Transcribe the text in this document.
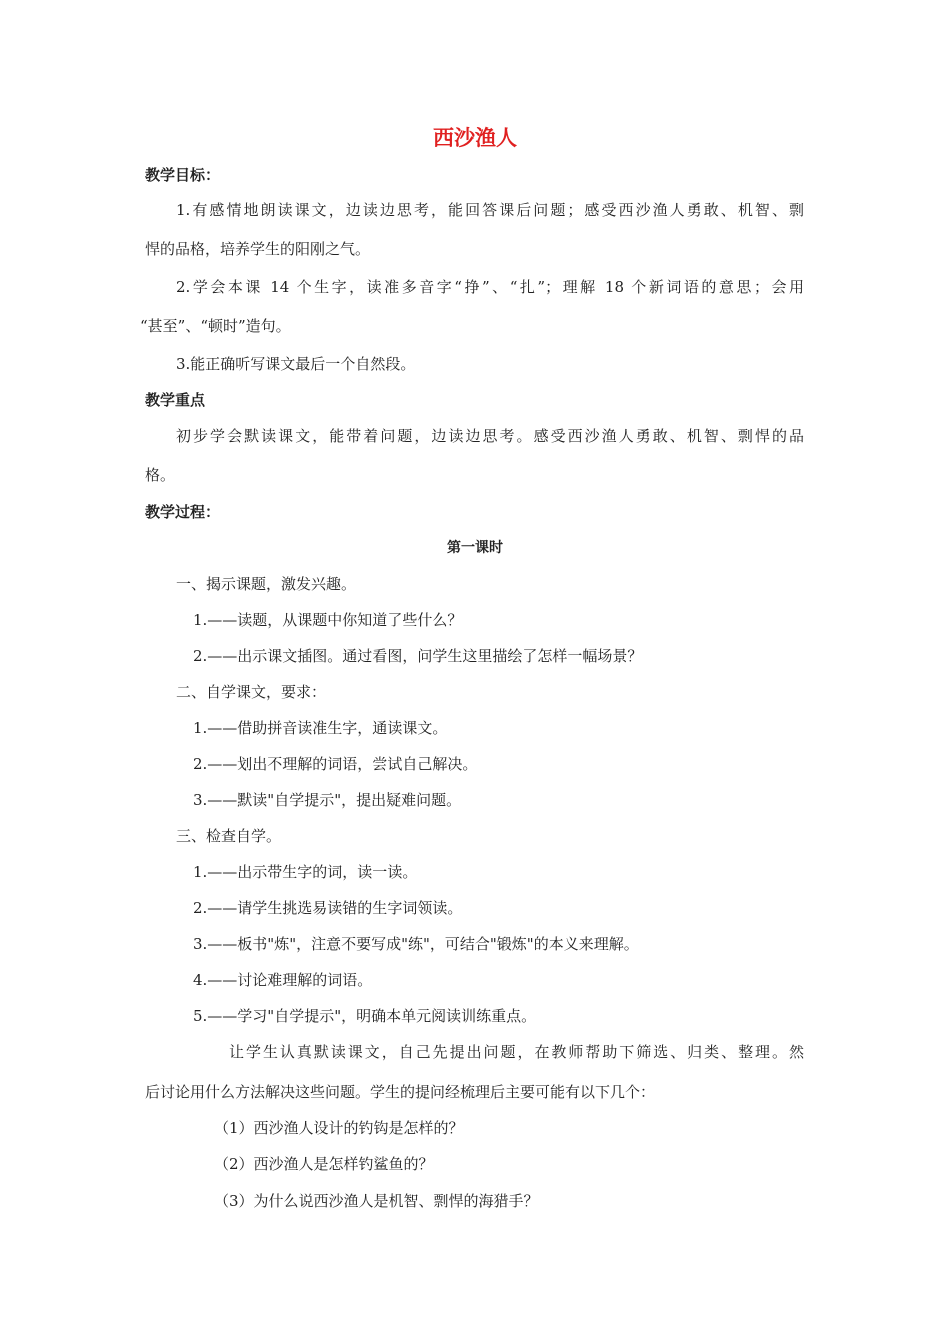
西沙渔人
教学目标：
1.有感情地朗读课文，边读边思考，能回答课后问题；感受西沙渔人勇敢、机智、剽
悍的品格，培养学生的阳刚之气。
2.学会本课 14 个生字，读准多音字“挣”、“扎”；理解 18 个新词语的意思；会用
“甚至”、“顿时”造句。
3.能正确听写课文最后一个自然段。
教学重点
初步学会默读课文，能带着问题，边读边思考。感受西沙渔人勇敢、机智、剽悍的品
格。
教学过程：
第一课时
一、揭示课题，激发兴趣。
1.——读题，从课题中你知道了些什么？
2.——出示课文插图。通过看图，问学生这里描绘了怎样一幅场景？
二、自学课文，要求：
1.——借助拼音读准生字，通读课文。
2.——划出不理解的词语，尝试自己解决。
3.——默读"自学提示"，提出疑难问题。
三、检查自学。
1.——出示带生字的词，读一读。
2.——请学生挑选易读错的生字词领读。
3.——板书"炼"，注意不要写成"练"，可结合"锻炼"的本义来理解。
4.——讨论难理解的词语。
5.——学习"自学提示"，明确本单元阅读训练重点。
让学生认真默读课文，自己先提出问题，在教师帮助下筛选、归类、整理。然
后讨论用什么方法解决这些问题。学生的提问经梳理后主要可能有以下几个：
（1）西沙渔人设计的钓钩是怎样的？
（2）西沙渔人是怎样钓鲨鱼的？
（3）为什么说西沙渔人是机智、剽悍的海猎手？
